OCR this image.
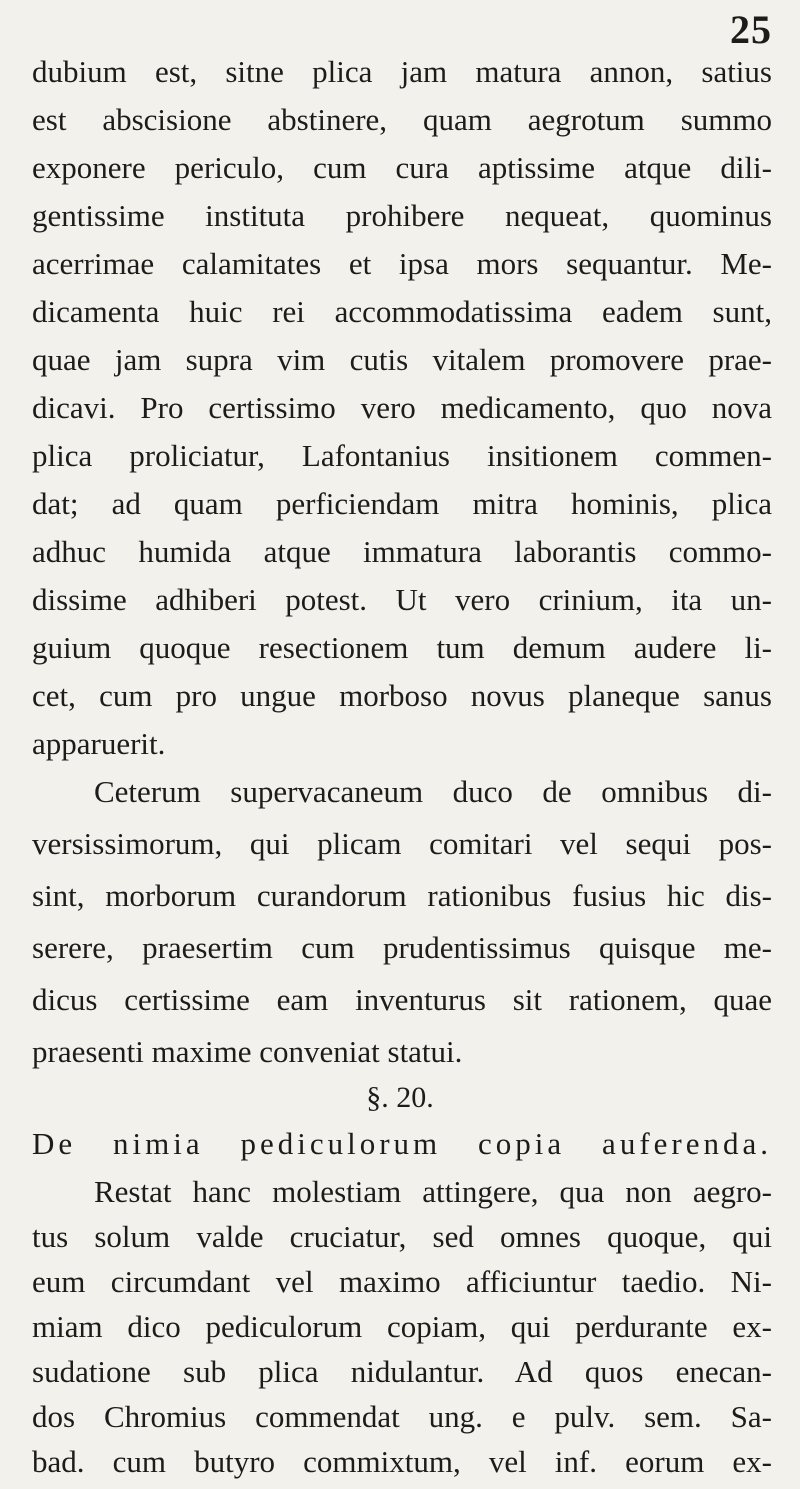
25
dubium est, sitne plica jam matura annon, satius
est abscisione abstinere, quam aegrotum summo
exponere periculo, cum cura aptissime atque dili-
gentissime instituta prohibere nequeat, quominus
acerrimae calamitates et ipsa mors sequantur. Me-
dicamenta huic rei accommodatissima eadem sunt,
quae jam supra vim cutis vitalem promovere prae-
dicavi. Pro certissimo vero medicamento, quo nova
plica proliciatur, Lafontanius insitionem commen-
dat; ad quam perficiendam mitra hominis, plica
adhuc humida atque immatura laborantis commo-
dissime adhiberi potest. Ut vero crinium, ita un-
guium quoque resectionem tum demum audere li-
cet, cum pro ungue morboso novus planeque sanus
apparuerit.
Ceterum supervacaneum duco de omnibus di-
versissimorum, qui plicam comitari vel sequi pos-
sint, morborum curandorum rationibus fusius hic dis-
serere, praesertim cum prudentissimus quisque me-
dicus certissime eam inventurus sit rationem, quae
praesenti maxime conveniat statui.
§. 20.
De nimia pediculorum copia auferenda.
Restat hanc molestiam attingere, qua non aegro-
tus solum valde cruciatur, sed omnes quoque, qui
eum circumdant vel maximo afficiuntur taedio. Ni-
miam dico pediculorum copiam, qui perdurante ex-
sudatione sub plica nidulantur. Ad quos enecan-
dos Chromius commendat ung. e pulv. sem. Sa-
bad. cum butyro commixtum, vel inf. eorum ex-
